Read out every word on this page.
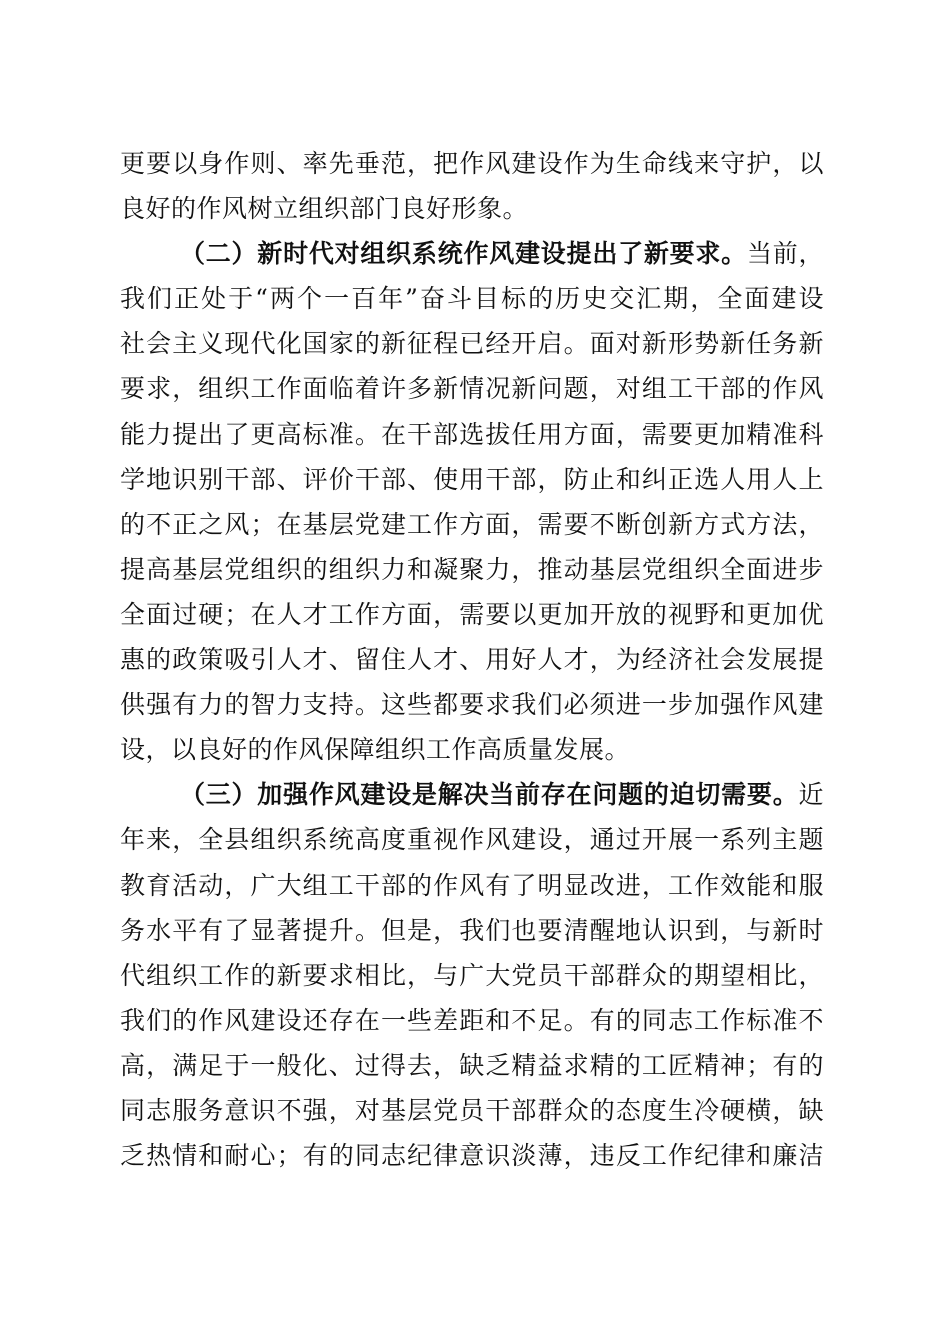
更要以身作则、率先垂范，把作风建设作为生命线来守护，以
良好的作风树立组织部门良好形象。
（二）新时代对组织系统作风建设提出了新要求。当前，
我们正处于“两个一百年”奋斗目标的历史交汇期，全面建设
社会主义现代化国家的新征程已经开启。面对新形势新任务新
要求，组织工作面临着许多新情况新问题，对组工干部的作风
能力提出了更高标准。在干部选拔任用方面，需要更加精准科
学地识别干部、评价干部、使用干部，防止和纠正选人用人上
的不正之风；在基层党建工作方面，需要不断创新方式方法，
提高基层党组织的组织力和凝聚力，推动基层党组织全面进步
全面过硬；在人才工作方面，需要以更加开放的视野和更加优
惠的政策吸引人才、留住人才、用好人才，为经济社会发展提
供强有力的智力支持。这些都要求我们必须进一步加强作风建
设，以良好的作风保障组织工作高质量发展。
（三）加强作风建设是解决当前存在问题的迫切需要。近
年来，全县组织系统高度重视作风建设，通过开展一系列主题
教育活动，广大组工干部的作风有了明显改进，工作效能和服
务水平有了显著提升。但是，我们也要清醒地认识到，与新时
代组织工作的新要求相比，与广大党员干部群众的期望相比，
我们的作风建设还存在一些差距和不足。有的同志工作标准不
高，满足于一般化、过得去，缺乏精益求精的工匠精神；有的
同志服务意识不强，对基层党员干部群众的态度生冷硬横，缺
乏热情和耐心；有的同志纪律意识淡薄，违反工作纪律和廉洁
